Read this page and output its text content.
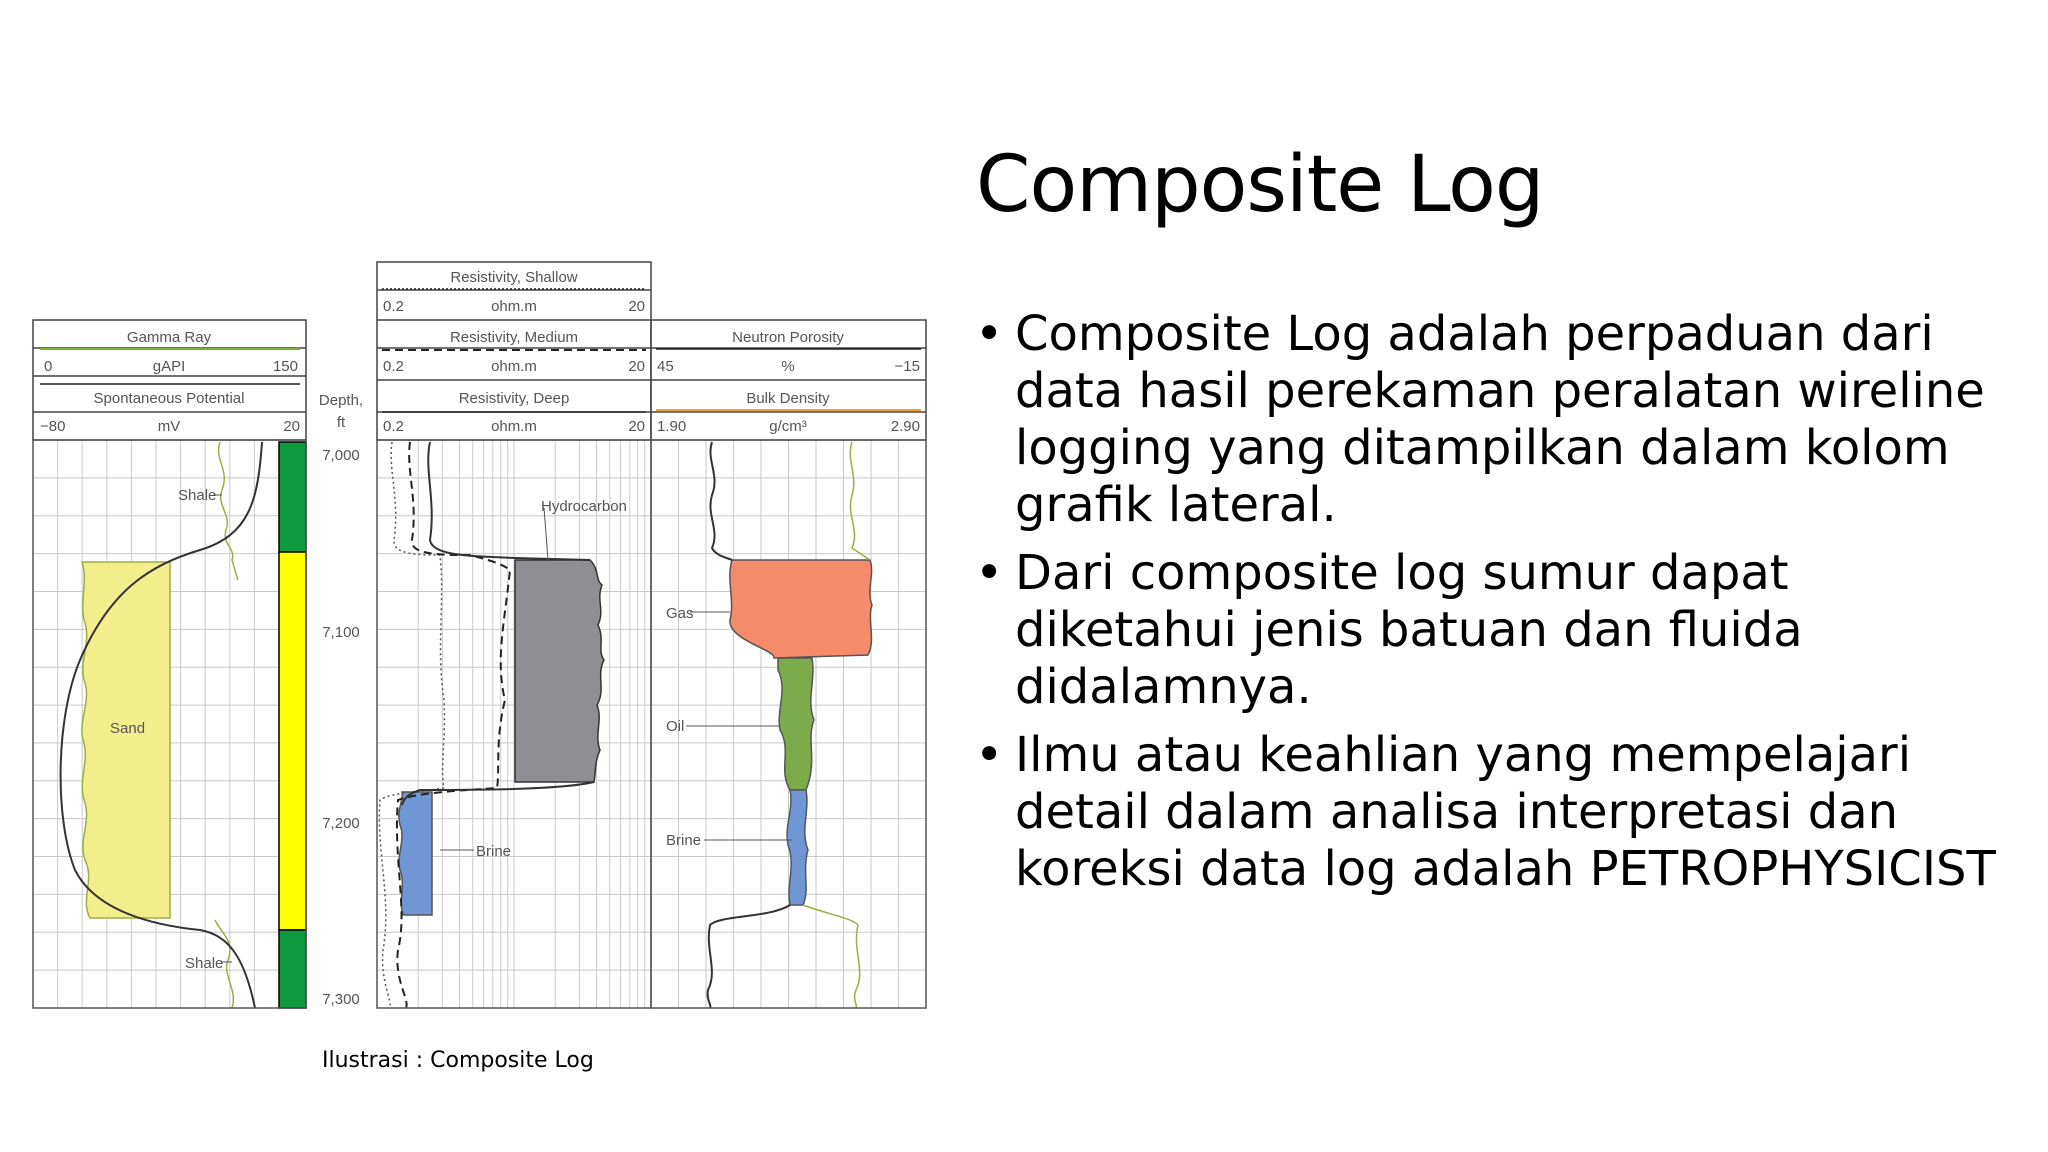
Composite Log
• Composite Log adalah perpaduan dari data hasil perekaman peralatan wireline logging yang ditampilkan dalam kolom grafik lateral.
• Dari composite log sumur dapat diketahui jenis batuan dan fluida didalamnya.
• Ilmu atau keahlian yang mempelajari detail dalam analisa interpretasi dan koreksi data log adalah PETROPHYSICIST
Ilustrasi : Composite Log
Gamma Ray
0	gAPI	150
Spontaneous Potential
−80	mV	20
Depth,
ft
Resistivity, Shallow
0.2	ohm.m	20
Resistivity, Medium
0.2	ohm.m	20
Resistivity, Deep
0.2	ohm.m	20
Neutron Porosity
45	%	−15
Bulk Density
1.90	g/cm³	2.90
7,000
7,100
7,200
7,300
Shale
Sand
Shale
Hydrocarbon
Brine
Gas
Oil
Brine
